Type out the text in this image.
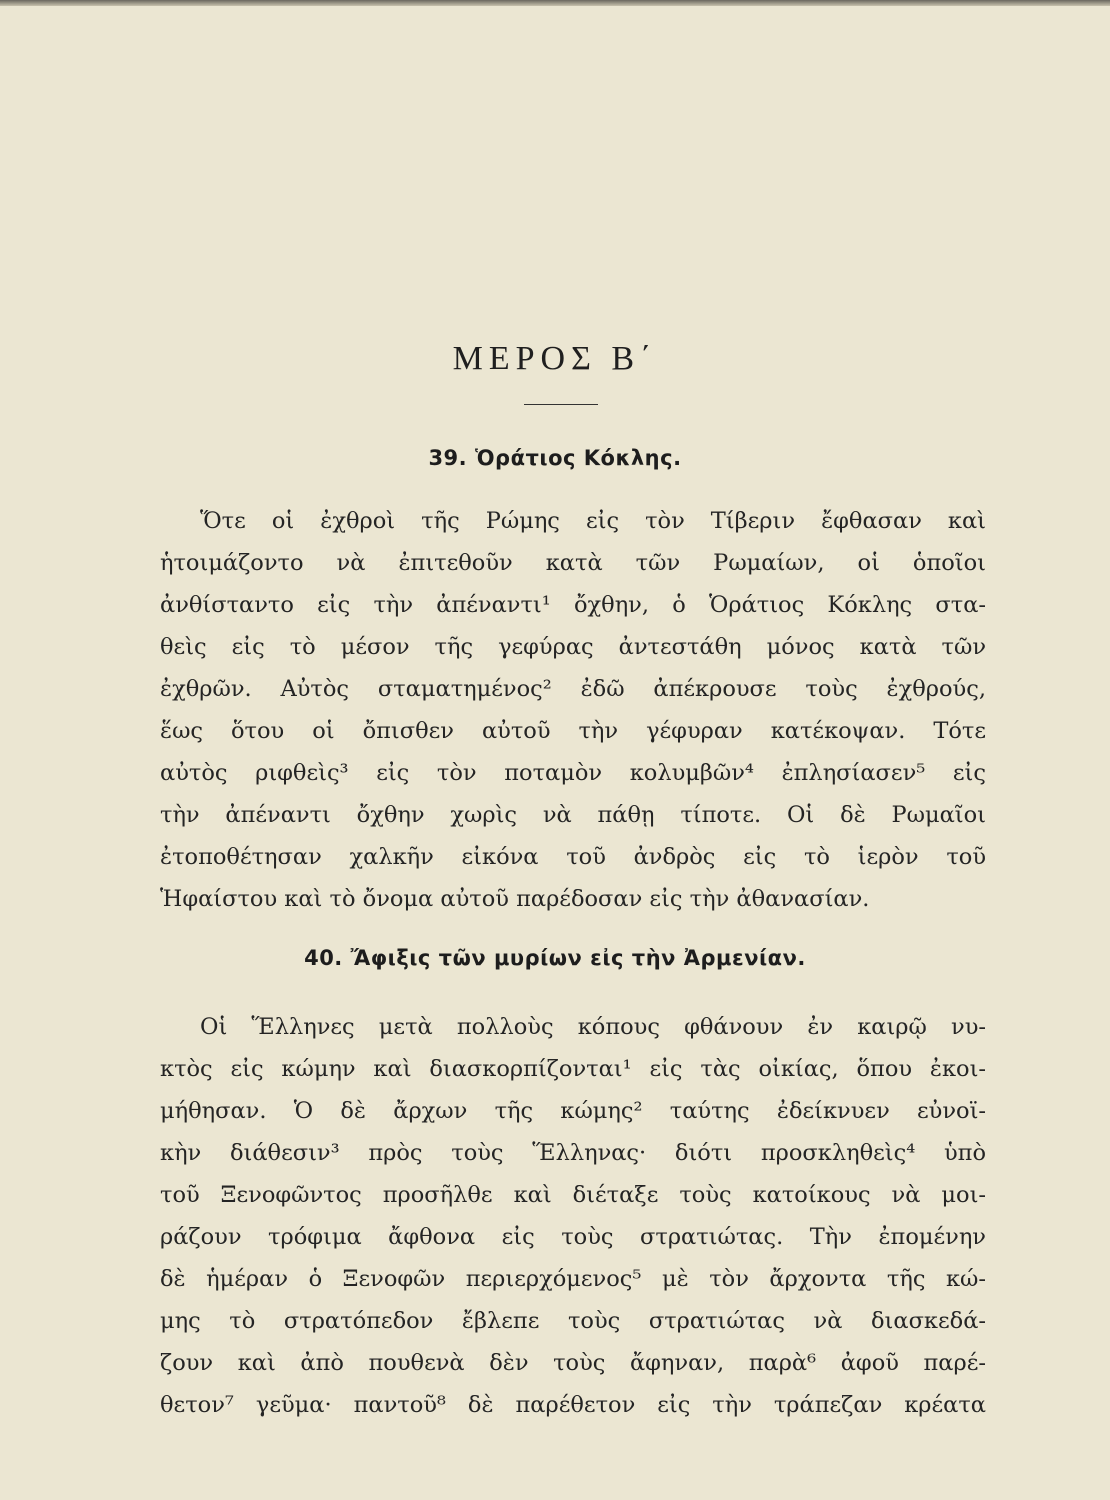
ΜΕΡΟΣ Β΄
39. Ὁράτιος Κόκλης.
Ὅτε οἱ ἐχθροὶ τῆς Ρώμης εἰς τὸν Τίβεριν ἔφθασαν καὶ
ἡτοιμάζοντο νὰ ἐπιτεθοῦν κατὰ τῶν Ρωμαίων, οἱ ὁποῖοι
ἀνθίσταντο εἰς τὴν ἀπέναντι¹ ὄχθην, ὁ Ὁράτιος Κόκλης στα-
θεὶς εἰς τὸ μέσον τῆς γεφύρας ἀντεστάθη μόνος κατὰ τῶν
ἐχθρῶν. Αὐτὸς σταματημένος² ἐδῶ ἀπέκρουσε τοὺς ἐχθρούς,
ἕως ὅτου οἱ ὄπισθεν αὐτοῦ τὴν γέφυραν κατέκοψαν. Τότε
αὐτὸς ριφθεὶς³ εἰς τὸν ποταμὸν κολυμβῶν⁴ ἐπλησίασεν⁵ εἰς
τὴν ἀπέναντι ὄχθην χωρὶς νὰ πάθῃ τίποτε. Οἱ δὲ Ρωμαῖοι
ἐτοποθέτησαν χαλκῆν εἰκόνα τοῦ ἀνδρὸς εἰς τὸ ἱερὸν τοῦ
Ἡφαίστου καὶ τὸ ὄνομα αὐτοῦ παρέδοσαν εἰς τὴν ἀθανασίαν.
40. Ἄφιξις τῶν μυρίων εἰς τὴν Ἀρμενίαν.
Οἱ Ἕλληνες μετὰ πολλοὺς κόπους φθάνουν ἐν καιρῷ νυ-
κτὸς εἰς κώμην καὶ διασκορπίζονται¹ εἰς τὰς οἰκίας, ὅπου ἐκοι-
μήθησαν. Ὁ δὲ ἄρχων τῆς κώμης² ταύτης ἐδείκνυεν εὐνοϊ-
κὴν διάθεσιν³ πρὸς τοὺς Ἕλληνας· διότι προσκληθεὶς⁴ ὑπὸ
τοῦ Ξενοφῶντος προσῆλθε καὶ διέταξε τοὺς κατοίκους νὰ μοι-
ράζουν τρόφιμα ἄφθονα εἰς τοὺς στρατιώτας. Τὴν ἐπομένην
δὲ ἡμέραν ὁ Ξενοφῶν περιερχόμενος⁵ μὲ τὸν ἄρχοντα τῆς κώ-
μης τὸ στρατόπεδον ἔβλεπε τοὺς στρατιώτας νὰ διασκεδά-
ζουν καὶ ἀπὸ πουθενὰ δὲν τοὺς ἄφηναν, παρὰ⁶ ἀφοῦ παρέ-
θετον⁷ γεῦμα· παντοῦ⁸ δὲ παρέθετον εἰς τὴν τράπεζαν κρέατα
